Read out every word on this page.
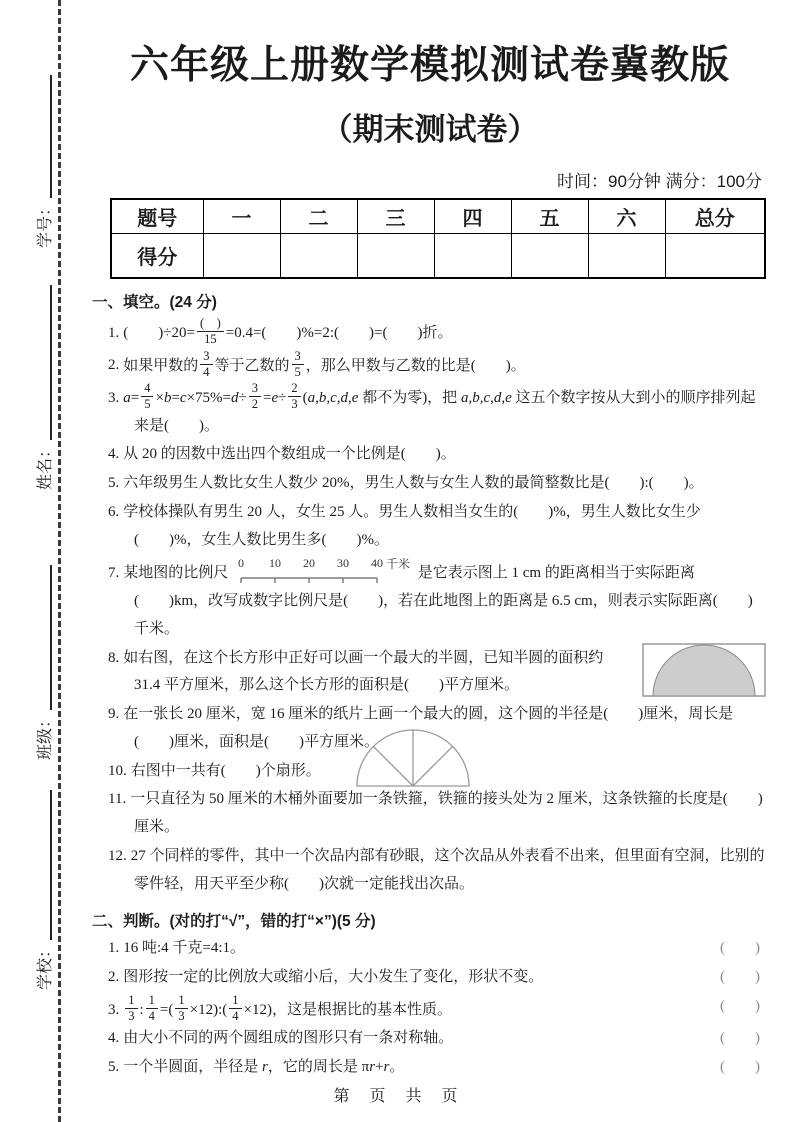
学号：
姓名：
班级：
学校：
六年级上册数学模拟测试卷冀教版
（期末测试卷）
时间：90分钟 满分：100分
题号	一	二	三	四	五	六	总分
得分							
一、填空。(24 分)
1. (　　)÷20=
(　)
15 =0.4=(　　)%=2:(　　)=(　　)折。
2. 如果甲数的 $\frac{3}{4}$ 等于乙数的 $\frac{3}{5}$ ，那么甲数与乙数的比是(　　)。
3. $a= \frac{4}{5} \times b=c\times 75\%=d\div \frac{3}{2} =e\div \frac{2}{3} (a,b,c,d,e$ 都不为零)，把 a,b,c,d,e 这五个数字按从大到小的顺序排列起来是(　　)。
4. 从 20 的因数中选出四个数组成一个比例是(　　)。
5. 六年级男生人数比女生人数少 20%，男生人数与女生人数的最简整数比是(　　):(　　)。
6. 学校体操队有男生 20 人，女生 25 人。男生人数相当女生的(　　)%，男生人数比女生少(　　)%，女生人数比男生多(　　)%。
7. 某地图的比例尺
0 10 20 30 40 千米
是它表示图上 1 cm 的距离相当于实际距离 (　　)km，改写成数字比例尺是(　　)，若在此地图上的距离是 6.5 cm，则表示实际距离(　　)千米。
8. 如右图，在这个长方形中正好可以画一个最大的半圆，已知半圆的面积约 31.4 平方厘米，那么这个长方形的面积是(　　)平方厘米。
9. 在一张长 20 厘米，宽 16 厘米的纸片上画一个最大的圆，这个圆的半径是(　　)厘米，周长是(　　)厘米，面积是(　　)平方厘米。
10. 右图中一共有(　　)个扇形。
11. 一只直径为 50 厘米的木桶外面要加一条铁箍，铁箍的接头处为 2 厘米，这条铁箍的长度是(　　)厘米。
12. 27 个同样的零件，其中一个次品内部有砂眼，这个次品从外表看不出来，但里面有空洞，比别的零件轻，用天平至少称(　　)次就一定能找出次品。
二、判断。(对的打“√”，错的打“×”)(5 分)
1. 16 吨:4 千克=4:1。	(　　)
2. 图形按一定的比例放大或缩小后，大小发生了变化，形状不变。	(　　)
3. $\frac{1}{3}$ : $\frac{1}{4}$ =( $\frac{1}{3}$ ×12):( $\frac{1}{4} \times 12$)，这是根据比的基本性质。	(　　)
4. 由大小不同的两个圆组成的图形只有一条对称轴。	(　　)
5. 一个半圆面，半径是 r，它的周长是 πr+r。	(　　)
第　页　共　页
